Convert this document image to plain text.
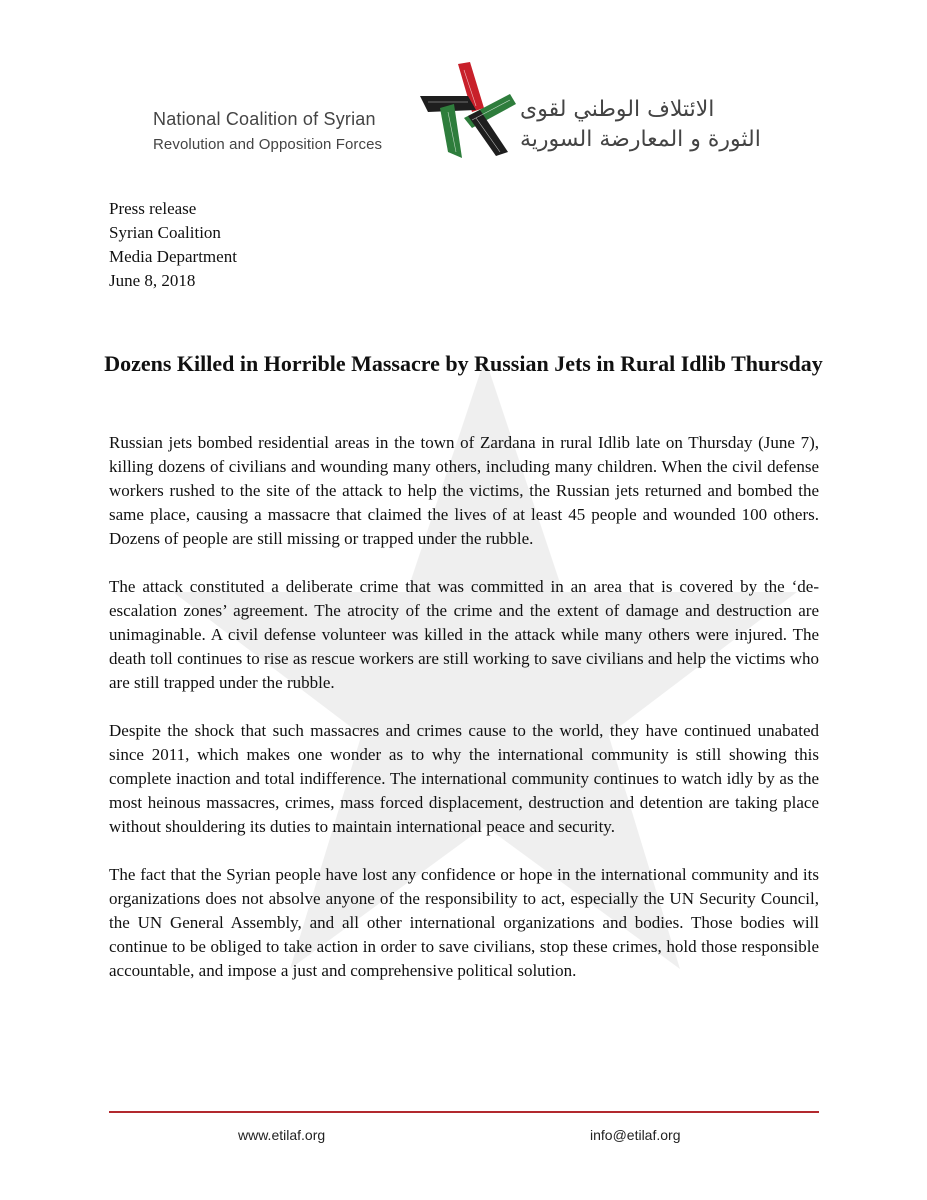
National Coalition of Syrian
Revolution and Opposition Forces
الائتلاف الوطني لقوى
الثورة و المعارضة السورية
Press release
Syrian Coalition
Media Department
June 8, 2018
Dozens Killed in Horrible Massacre by Russian Jets in Rural Idlib Thursday

Russian jets bombed residential areas in the town of Zardana in rural Idlib late on Thursday (June 7), killing dozens of civilians and wounding many others, including many children. When the civil defense workers rushed to the site of the attack to help the victims, the Russian jets returned and bombed the same place, causing a massacre that claimed the lives of at least 45 people and wounded 100 others. Dozens of people are still missing or trapped under the rubble.

The attack constituted a deliberate crime that was committed in an area that is covered by the ‘de-escalation zones’ agreement. The atrocity of the crime and the extent of damage and destruction are unimaginable. A civil defense volunteer was killed in the attack while many others were injured. The death toll continues to rise as rescue workers are still working to save civilians and help the victims who are still trapped under the rubble.

Despite the shock that such massacres and crimes cause to the world, they have continued unabated since 2011, which makes one wonder as to why the international community is still showing this complete inaction and total indifference. The international community continues to watch idly by as the most heinous massacres, crimes, mass forced displacement, destruction and detention are taking place without shouldering its duties to maintain international peace and security.

The fact that the Syrian people have lost any confidence or hope in the international community and its organizations does not absolve anyone of the responsibility to act, especially the UN Security Council, the UN General Assembly, and all other international organizations and bodies. Those bodies will continue to be obliged to take action in order to save civilians, stop these crimes, hold those responsible accountable, and impose a just and comprehensive political solution.

www.etilaf.org	info@etilaf.org
